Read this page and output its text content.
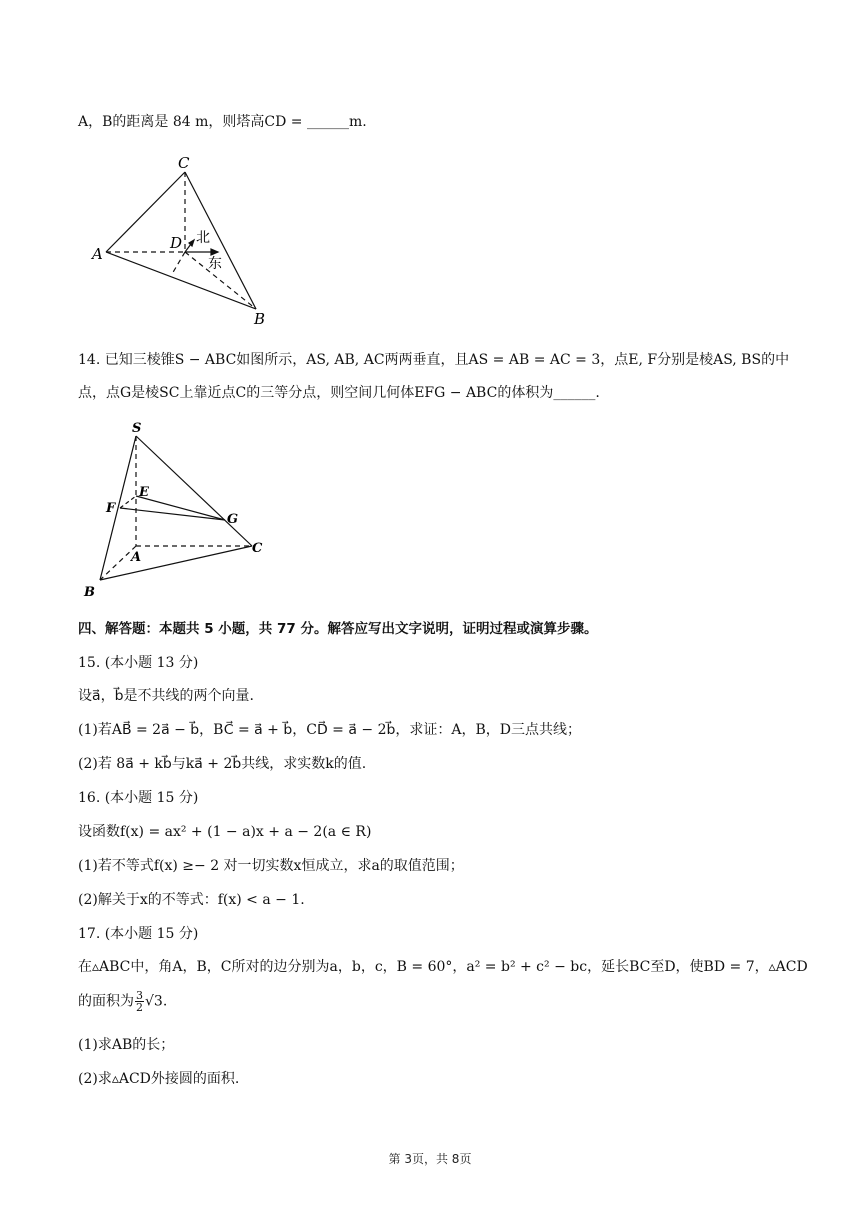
A，B的距离是 84 m，则塔高CD = ______m.
C
A
B
D 北
东
14. 已知三棱锥S − ABC如图所示，AS, AB, AC两两垂直，且AS = AB = AC = 3，点E, F分别是棱AS, BS的中
点，点G是棱SC上靠近点C的三等分点，则空间几何体EFG − ABC的体积为______.
S
E
F
G
A
B
C
四、解答题：本题共 5 小题，共 77 分。解答应写出文字说明，证明过程或演算步骤。
15. (本小题 13 分)
设a⃗，b⃗是不共线的两个向量.
(1)若AB⃗ = 2a⃗ − b⃗，BC⃗ = a⃗ + b⃗，CD⃗ = a⃗ − 2b⃗，求证：A，B，D三点共线；
(2)若 8a⃗ + kb⃗与ka⃗ + 2b⃗共线，求实数k的值.
16. (本小题 15 分)
设函数f(x) = ax² + (1 − a)x + a − 2(a ∈ R)
(1)若不等式f(x) ≥− 2 对一切实数x恒成立，求a的取值范围；
(2)解关于x的不等式：f(x) < a − 1.
17. (本小题 15 分)
在▵ABC中，角A，B，C所对的边分别为a，b，c，B = 60°，a² = b² + c² − bc，延长BC至D，使BD = 7，▵ACD
的面积为 $\frac{3}{2} √3$.
(1)求AB的长；
(2)求▵ACD外接圆的面积.
第 3页，共 8页
